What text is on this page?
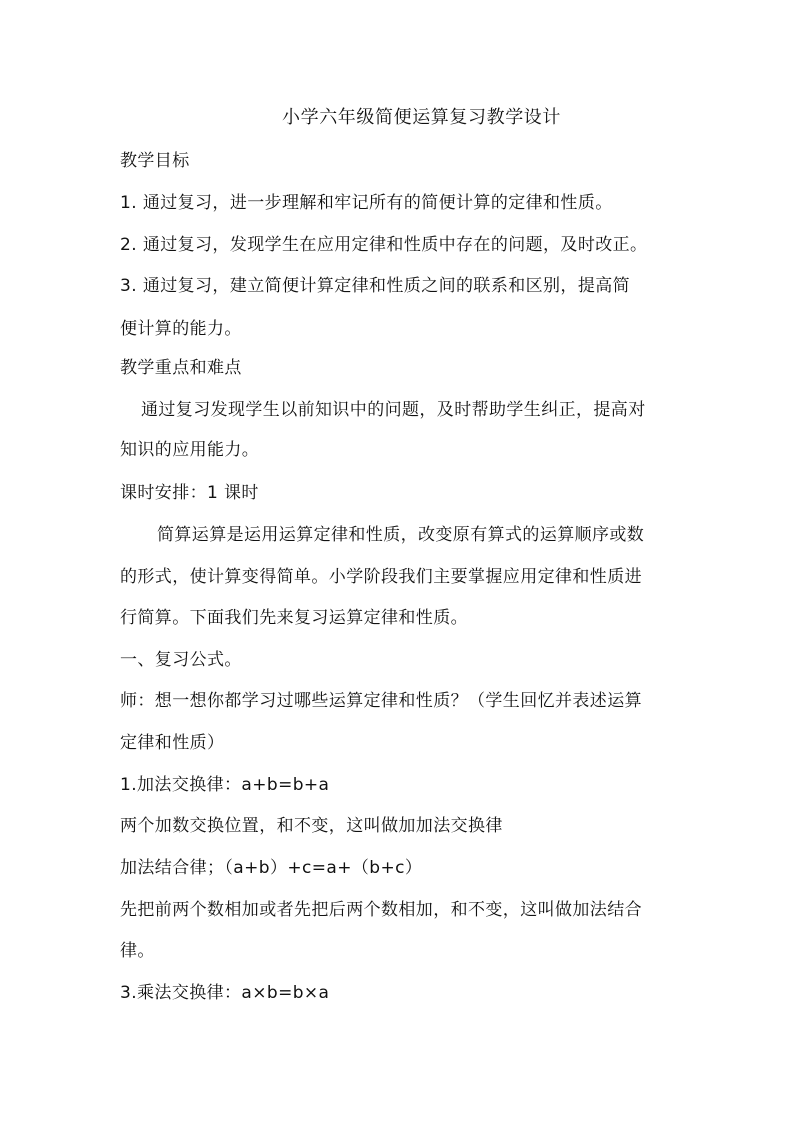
小学六年级简便运算复习教学设计
教学目标
1. 通过复习，进一步理解和牢记所有的简便计算的定律和性质。
2. 通过复习，发现学生在应用定律和性质中存在的问题，及时改正。
3. 通过复习，建立简便计算定律和性质之间的联系和区别，提高简
便计算的能力。
教学重点和难点
通过复习发现学生以前知识中的问题，及时帮助学生纠正，提高对
知识的应用能力。
课时安排：1 课时
简算运算是运用运算定律和性质，改变原有算式的运算顺序或数
的形式，使计算变得简单。小学阶段我们主要掌握应用定律和性质进
行简算。下面我们先来复习运算定律和性质。
一、复习公式。
师：想一想你都学习过哪些运算定律和性质？（学生回忆并表述运算
定律和性质）
1.加法交换律：a+b=b+a
两个加数交换位置，和不变，这叫做加加法交换律
加法结合律；（a+b）+c=a+（b+c）
先把前两个数相加或者先把后两个数相加，和不变，这叫做加法结合
律。
3.乘法交换律：a×b=b×a
